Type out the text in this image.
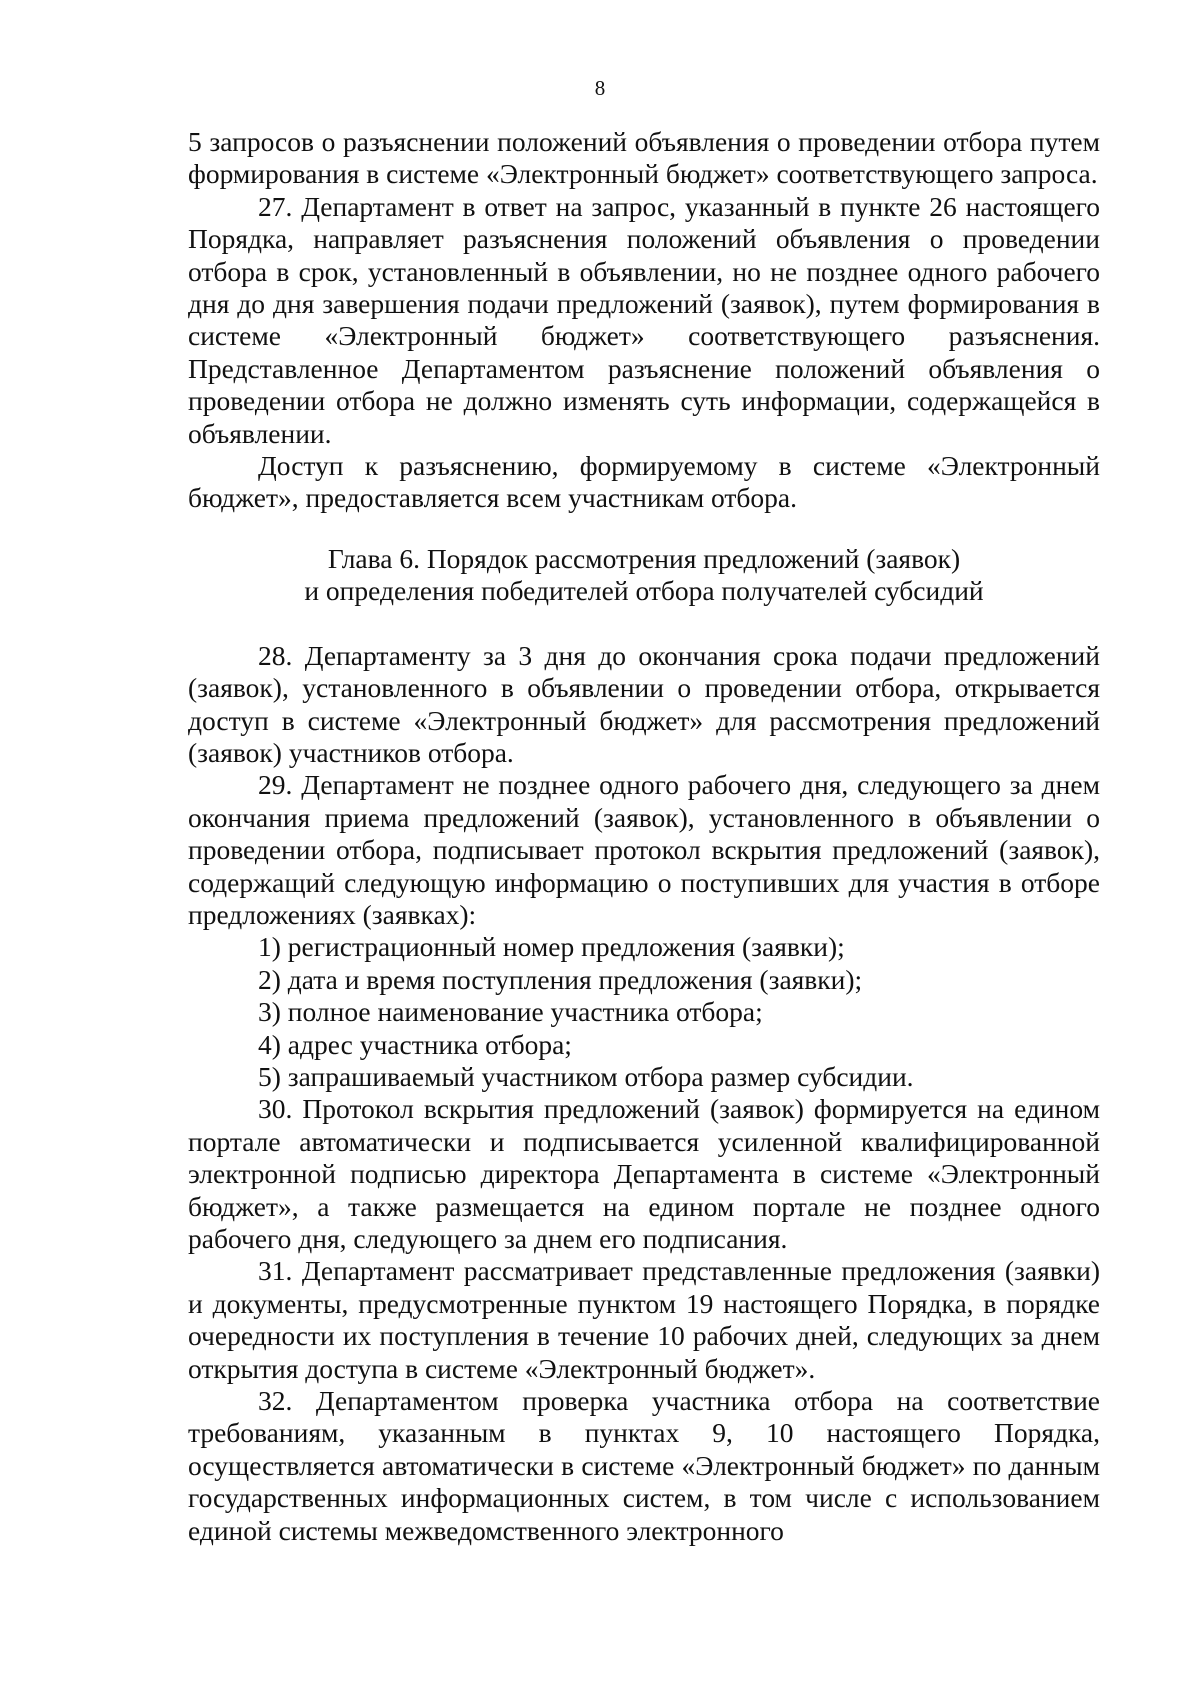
8

5 запросов о разъяснении положений объявления о проведении отбора путем формирования в системе «Электронный бюджет» соответствующего запроса.

27. Департамент в ответ на запрос, указанный в пункте 26 настоящего Порядка, направляет разъяснения положений объявления о проведении отбора в срок, установленный в объявлении, но не позднее одного рабочего дня до дня завершения подачи предложений (заявок), путем формирования в системе «Электронный бюджет» соответствующего разъяснения. Представленное Департаментом разъяснение положений объявления о проведении отбора не должно изменять суть информации, содержащейся в объявлении.

Доступ к разъяснению, формируемому в системе «Электронный бюджет», предоставляется всем участникам отбора.

Глава 6. Порядок рассмотрения предложений (заявок)
и определения победителей отбора получателей субсидий

28. Департаменту за 3 дня до окончания срока подачи предложений (заявок), установленного в объявлении о проведении отбора, открывается доступ в системе «Электронный бюджет» для рассмотрения предложений (заявок) участников отбора.

29. Департамент не позднее одного рабочего дня, следующего за днем окончания приема предложений (заявок), установленного в объявлении о проведении отбора, подписывает протокол вскрытия предложений (заявок), содержащий следующую информацию о поступивших для участия в отборе предложениях (заявках):

1) регистрационный номер предложения (заявки);

2) дата и время поступления предложения (заявки);

3) полное наименование участника отбора;

4) адрес участника отбора;

5) запрашиваемый участником отбора размер субсидии.

30. Протокол вскрытия предложений (заявок) формируется на едином портале автоматически и подписывается усиленной квалифицированной электронной подписью директора Департамента в системе «Электронный бюджет», а также размещается на едином портале не позднее одного рабочего дня, следующего за днем его подписания.

31. Департамент рассматривает представленные предложения (заявки) и документы, предусмотренные пунктом 19 настоящего Порядка, в порядке очередности их поступления в течение 10 рабочих дней, следующих за днем открытия доступа в системе «Электронный бюджет».

32. Департаментом проверка участника отбора на соответствие требованиям, указанным в пунктах 9, 10 настоящего Порядка, осуществляется автоматически в системе «Электронный бюджет» по данным государственных информационных систем, в том числе с использованием единой системы межведомственного электронного
